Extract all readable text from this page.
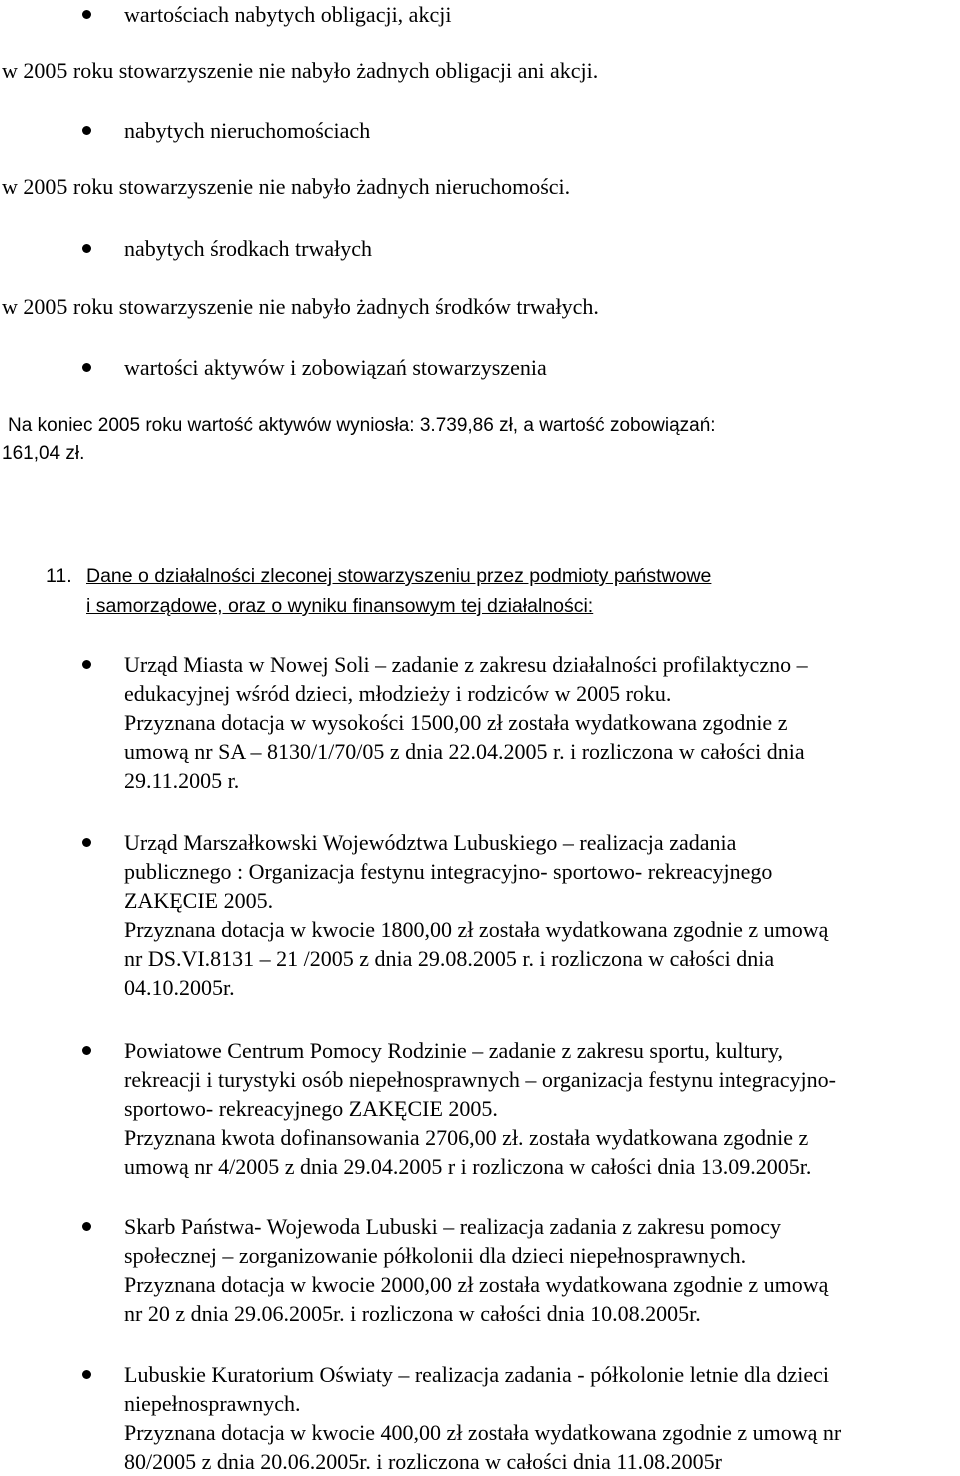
wartościach nabytych obligacji, akcji
w 2005 roku stowarzyszenie nie nabyło żadnych obligacji ani akcji.
nabytych nieruchomościach
w 2005 roku stowarzyszenie nie nabyło żadnych nieruchomości.
nabytych środkach trwałych
w 2005 roku stowarzyszenie nie nabyło żadnych środków trwałych.
wartości aktywów i zobowiązań stowarzyszenia
Na koniec 2005 roku wartość aktywów wyniosła: 3.739,86 zł, a wartość zobowiązań:
161,04 zł.
11. Dane o działalności zleconej stowarzyszeniu przez podmioty państwowe
i samorządowe, oraz o wyniku finansowym tej działalności:
Urząd Miasta w Nowej Soli – zadanie z zakresu działalności profilaktyczno –
edukacyjnej wśród dzieci, młodzieży i rodziców w 2005 roku.
Przyznana dotacja w wysokości 1500,00 zł została wydatkowana zgodnie z
umową nr SA – 8130/1/70/05 z dnia 22.04.2005 r. i rozliczona w całości dnia
29.11.2005 r.
Urząd Marszałkowski Województwa Lubuskiego – realizacja zadania
publicznego : Organizacja festynu integracyjno- sportowo- rekreacyjnego
ZAKĘCIE 2005.
Przyznana dotacja w kwocie 1800,00 zł została wydatkowana zgodnie z umową
nr DS.VI.8131 – 21 /2005 z dnia 29.08.2005 r. i rozliczona w całości dnia
04.10.2005r.
Powiatowe Centrum Pomocy Rodzinie – zadanie z zakresu sportu, kultury,
rekreacji i turystyki osób niepełnosprawnych – organizacja festynu integracyjno-
sportowo- rekreacyjnego ZAKĘCIE 2005.
Przyznana kwota dofinansowania 2706,00 zł. została wydatkowana zgodnie z
umową nr 4/2005 z dnia 29.04.2005 r i rozliczona w całości dnia 13.09.2005r.
Skarb Państwa- Wojewoda Lubuski – realizacja zadania z zakresu pomocy
społecznej – zorganizowanie półkolonii dla dzieci niepełnosprawnych.
Przyznana dotacja w kwocie 2000,00 zł została wydatkowana zgodnie z umową
nr 20 z dnia 29.06.2005r. i rozliczona w całości dnia 10.08.2005r.
Lubuskie Kuratorium Oświaty – realizacja zadania - półkolonie letnie dla dzieci
niepełnosprawnych.
Przyznana dotacja w kwocie 400,00 zł została wydatkowana zgodnie z umową nr
80/2005 z dnia 20.06.2005r. i rozliczona w całości dnia 11.08.2005r
